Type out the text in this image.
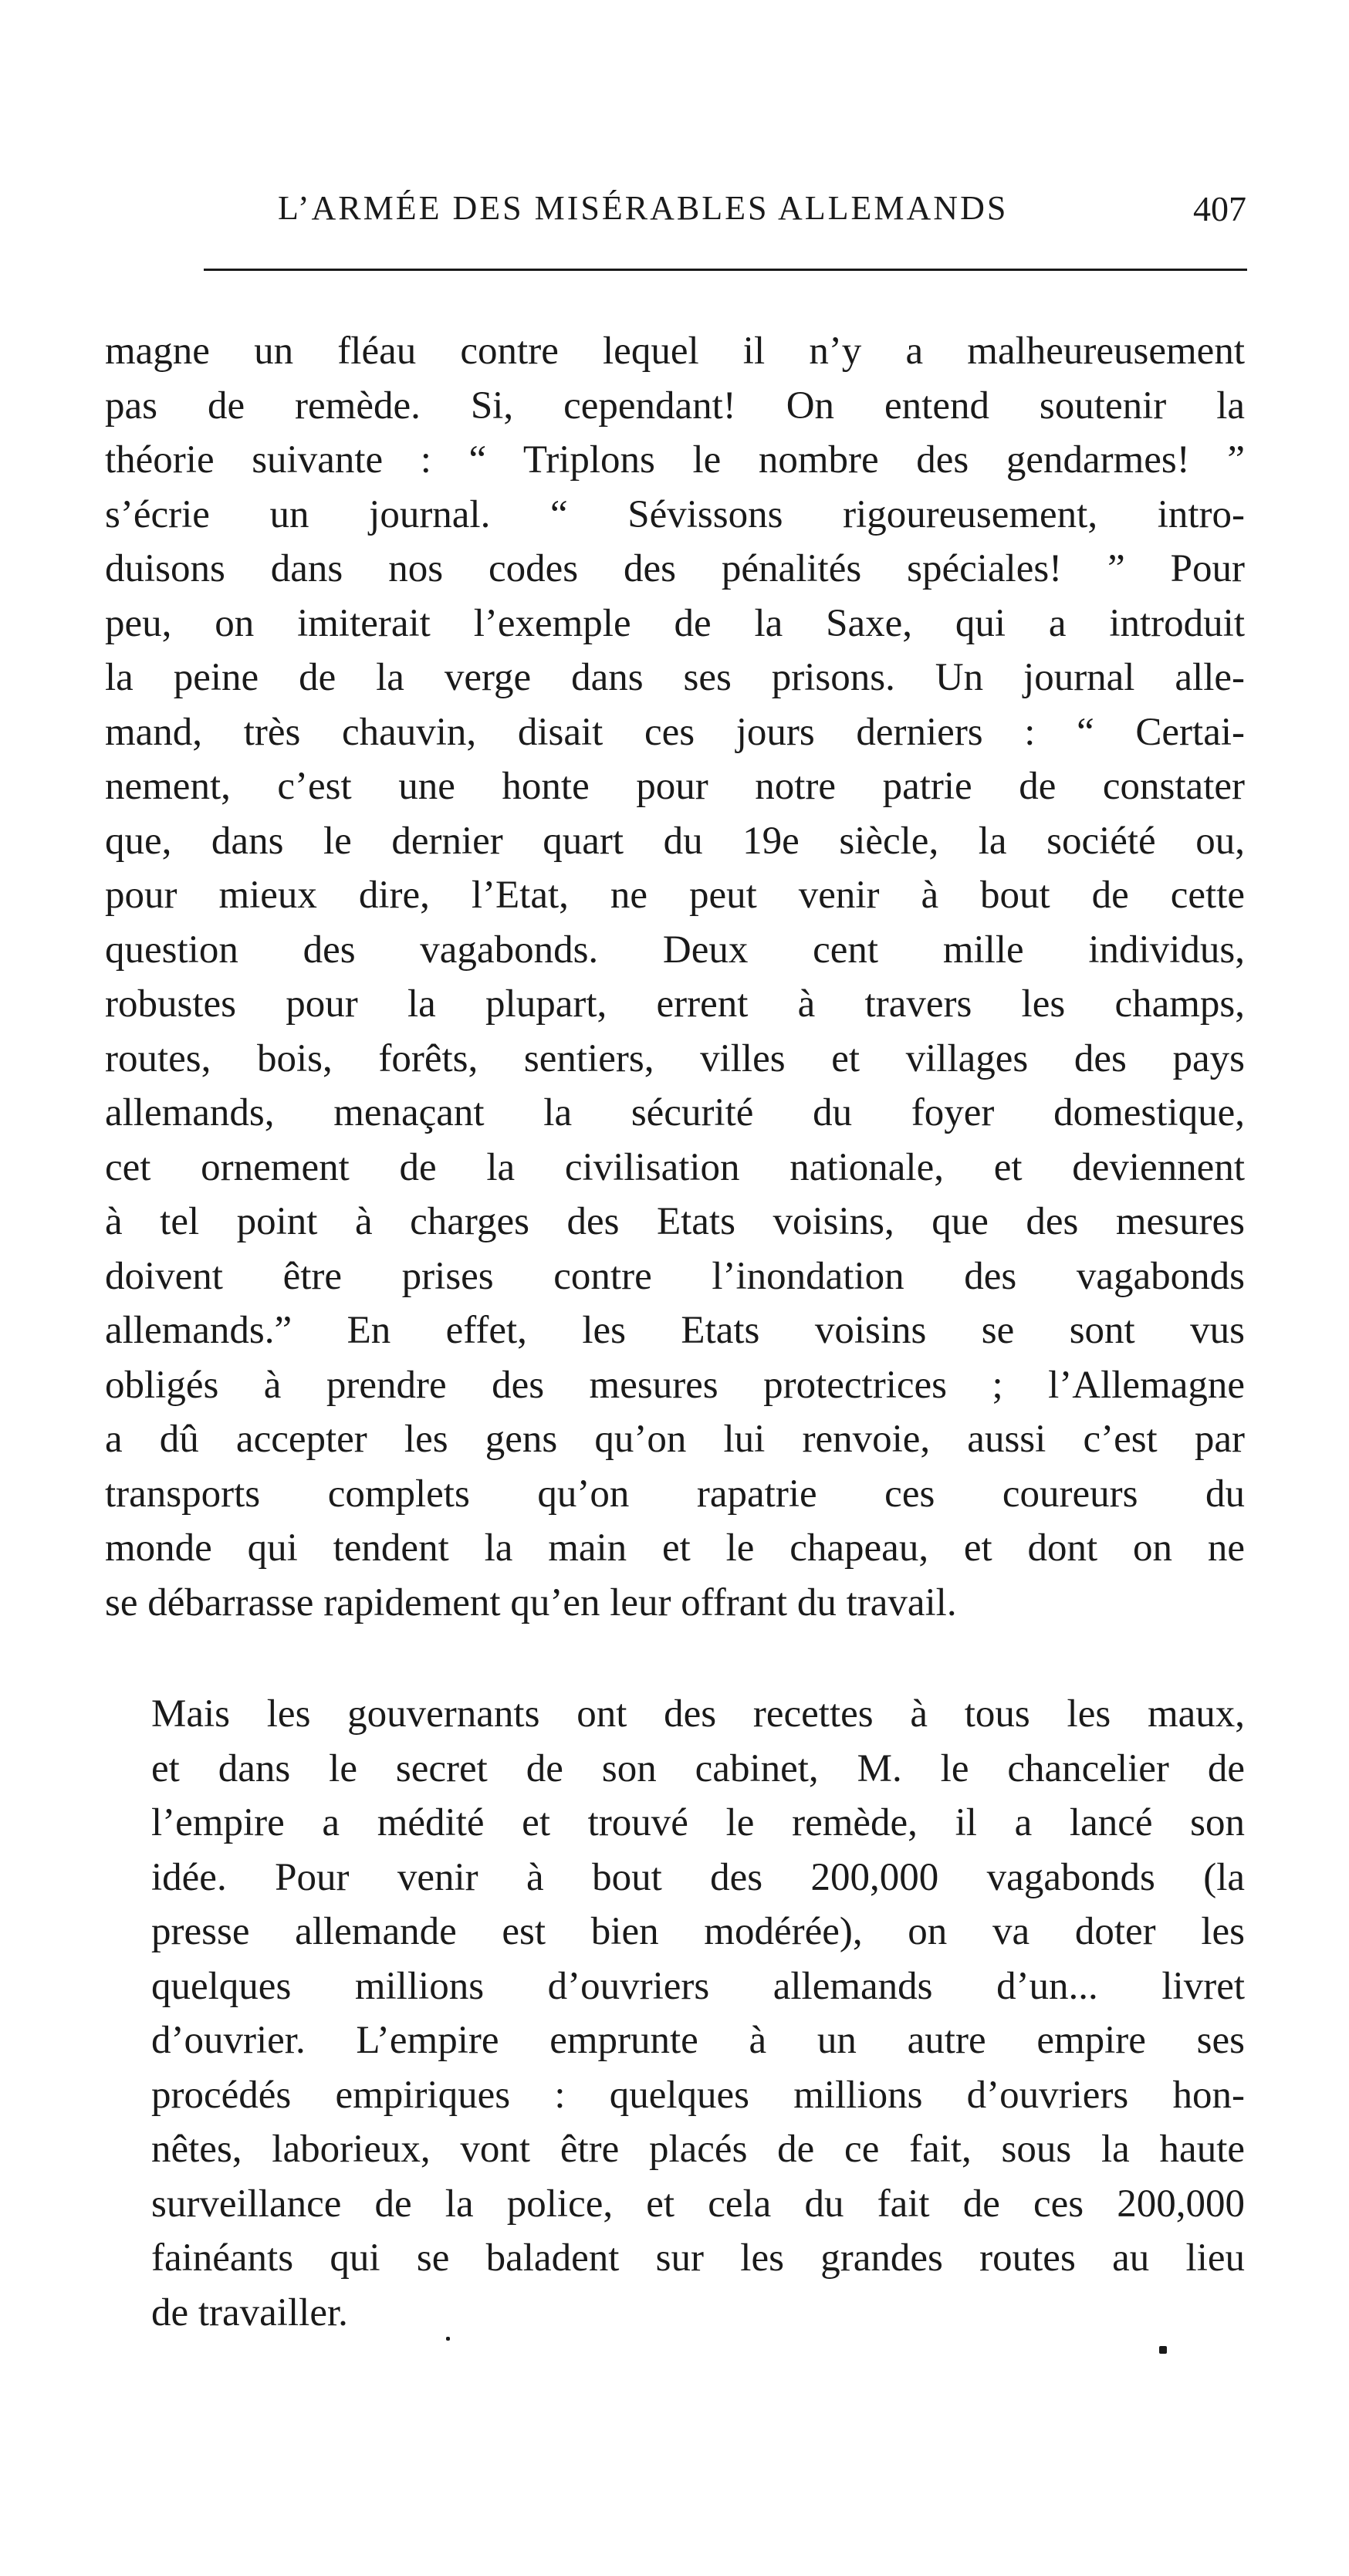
L’ARMÉE DES MISÉRABLES ALLEMANDS	407
magne un fléau contre lequel il n’y a malheureusement
pas de remède. Si, cependant! On entend soutenir la
théorie suivante : “ Triplons le nombre des gendarmes! ”
s’écrie un journal. “ Sévissons rigoureusement, intro-
duisons dans nos codes des pénalités spéciales! ” Pour
peu, on imiterait l’exemple de la Saxe, qui a introduit
la peine de la verge dans ses prisons. Un journal alle-
mand, très chauvin, disait ces jours derniers : “ Certai-
nement, c’est une honte pour notre patrie de constater
que, dans le dernier quart du 19e siècle, la société ou,
pour mieux dire, l’Etat, ne peut venir à bout de cette
question des vagabonds. Deux cent mille individus,
robustes pour la plupart, errent à travers les champs,
routes, bois, forêts, sentiers, villes et villages des pays
allemands, menaçant la sécurité du foyer domestique,
cet ornement de la civilisation nationale, et deviennent
à tel point à charges des Etats voisins, que des mesures
doivent être prises contre l’inondation des vagabonds
allemands.” En effet, les Etats voisins se sont vus
obligés à prendre des mesures protectrices ; l’Allemagne
a dû accepter les gens qu’on lui renvoie, aussi c’est par
transports complets qu’on rapatrie ces coureurs du
monde qui tendent la main et le chapeau, et dont on ne
se débarrasse rapidement qu’en leur offrant du travail.
Mais les gouvernants ont des recettes à tous les maux,
et dans le secret de son cabinet, M. le chancelier de
l’empire a médité et trouvé le remède, il a lancé son
idée. Pour venir à bout des 200,000 vagabonds (la
presse allemande est bien modérée), on va doter les
quelques millions d’ouvriers allemands d’un... livret
d’ouvrier. L’empire emprunte à un autre empire ses
procédés empiriques : quelques millions d’ouvriers hon-
nêtes, laborieux, vont être placés de ce fait, sous la haute
surveillance de la police, et cela du fait de ces 200,000
fainéants qui se baladent sur les grandes routes au lieu
de travailler.
